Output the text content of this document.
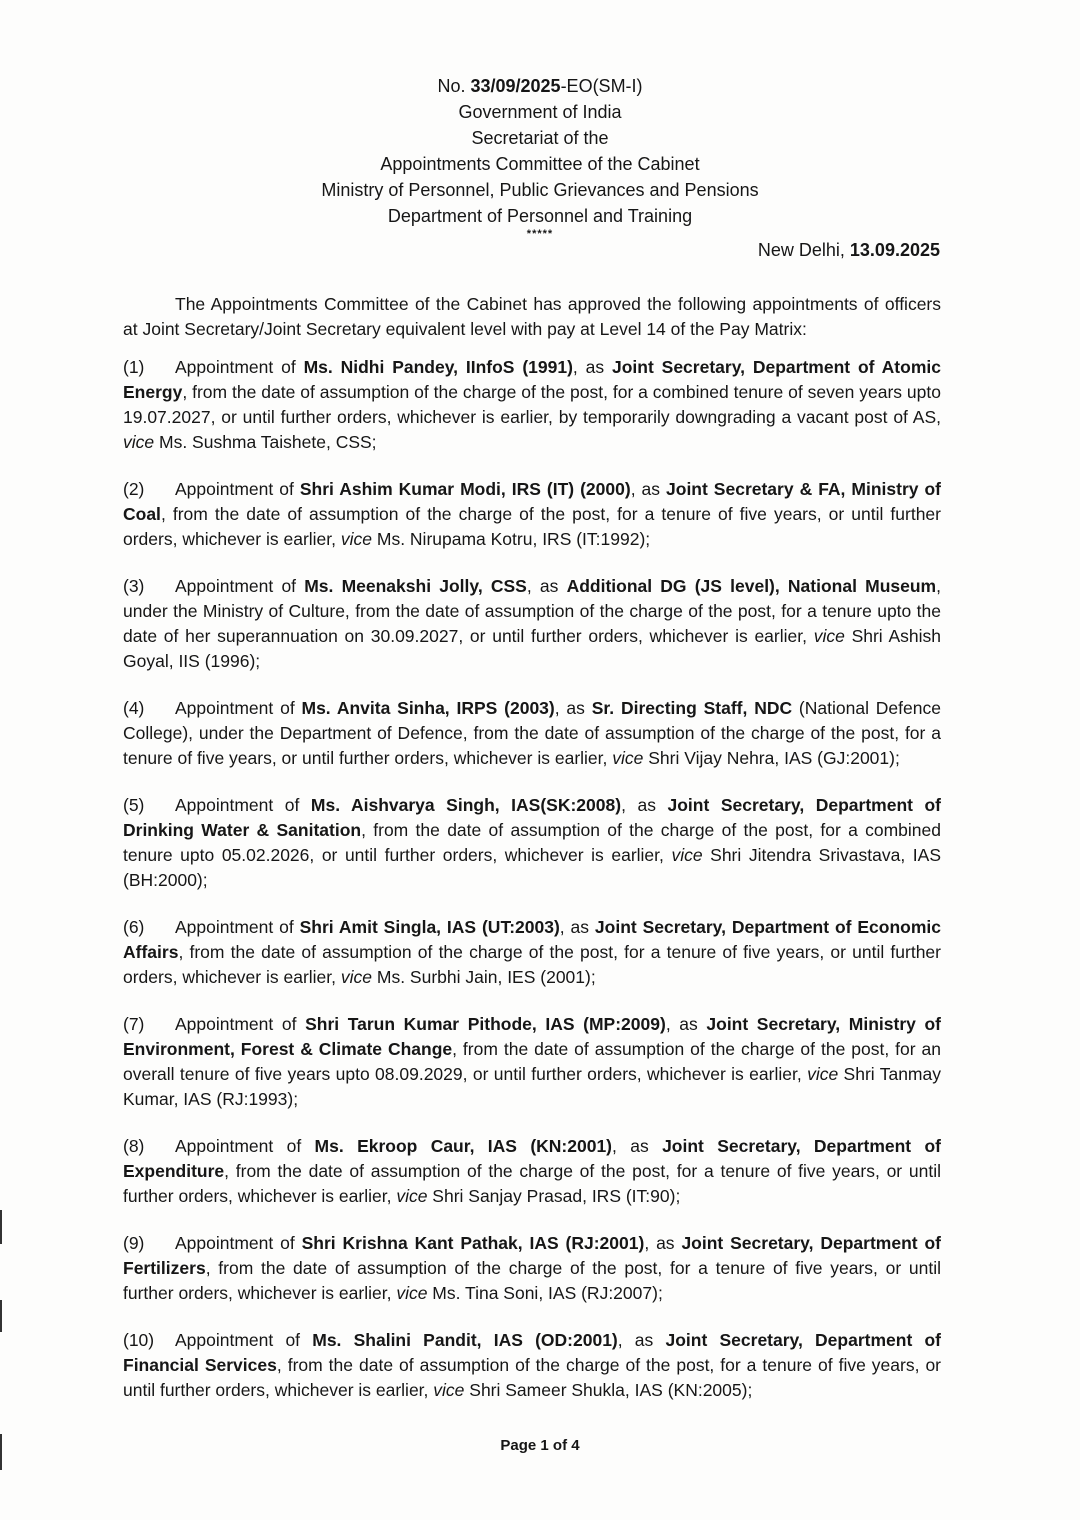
No. 33/09/2025-EO(SM-I)
Government of India
Secretariat of the
Appointments Committee of the Cabinet
Ministry of Personnel, Public Grievances and Pensions
Department of Personnel and Training
*****
New Delhi, 13.09.2025

The Appointments Committee of the Cabinet has approved the following appointments of officers at Joint Secretary/Joint Secretary equivalent level with pay at Level 14 of the Pay Matrix:

(1) Appointment of Ms. Nidhi Pandey, IInfoS (1991), as Joint Secretary, Department of Atomic Energy, from the date of assumption of the charge of the post, for a combined tenure of seven years upto 19.07.2027, or until further orders, whichever is earlier, by temporarily downgrading a vacant post of AS, vice Ms. Sushma Taishete, CSS;

(2) Appointment of Shri Ashim Kumar Modi, IRS (IT) (2000), as Joint Secretary & FA, Ministry of Coal, from the date of assumption of the charge of the post, for a tenure of five years, or until further orders, whichever is earlier, vice Ms. Nirupama Kotru, IRS (IT:1992);

(3) Appointment of Ms. Meenakshi Jolly, CSS, as Additional DG (JS level), National Museum, under the Ministry of Culture, from the date of assumption of the charge of the post, for a tenure upto the date of her superannuation on 30.09.2027, or until further orders, whichever is earlier, vice Shri Ashish Goyal, IIS (1996);

(4) Appointment of Ms. Anvita Sinha, IRPS (2003), as Sr. Directing Staff, NDC (National Defence College), under the Department of Defence, from the date of assumption of the charge of the post, for a tenure of five years, or until further orders, whichever is earlier, vice Shri Vijay Nehra, IAS (GJ:2001);

(5) Appointment of Ms. Aishvarya Singh, IAS(SK:2008), as Joint Secretary, Department of Drinking Water & Sanitation, from the date of assumption of the charge of the post, for a combined tenure upto 05.02.2026, or until further orders, whichever is earlier, vice Shri Jitendra Srivastava, IAS (BH:2000);

(6) Appointment of Shri Amit Singla, IAS (UT:2003), as Joint Secretary, Department of Economic Affairs, from the date of assumption of the charge of the post, for a tenure of five years, or until further orders, whichever is earlier, vice Ms. Surbhi Jain, IES (2001);

(7) Appointment of Shri Tarun Kumar Pithode, IAS (MP:2009), as Joint Secretary, Ministry of Environment, Forest & Climate Change, from the date of assumption of the charge of the post, for an overall tenure of five years upto 08.09.2029, or until further orders, whichever is earlier, vice Shri Tanmay Kumar, IAS (RJ:1993);

(8) Appointment of Ms. Ekroop Caur, IAS (KN:2001), as Joint Secretary, Department of Expenditure, from the date of assumption of the charge of the post, for a tenure of five years, or until further orders, whichever is earlier, vice Shri Sanjay Prasad, IRS (IT:90);

(9) Appointment of Shri Krishna Kant Pathak, IAS (RJ:2001), as Joint Secretary, Department of Fertilizers, from the date of assumption of the charge of the post, for a tenure of five years, or until further orders, whichever is earlier, vice Ms. Tina Soni, IAS (RJ:2007);

(10) Appointment of Ms. Shalini Pandit, IAS (OD:2001), as Joint Secretary, Department of Financial Services, from the date of assumption of the charge of the post, for a tenure of five years, or until further orders, whichever is earlier, vice Shri Sameer Shukla, IAS (KN:2005);

Page 1 of 4
